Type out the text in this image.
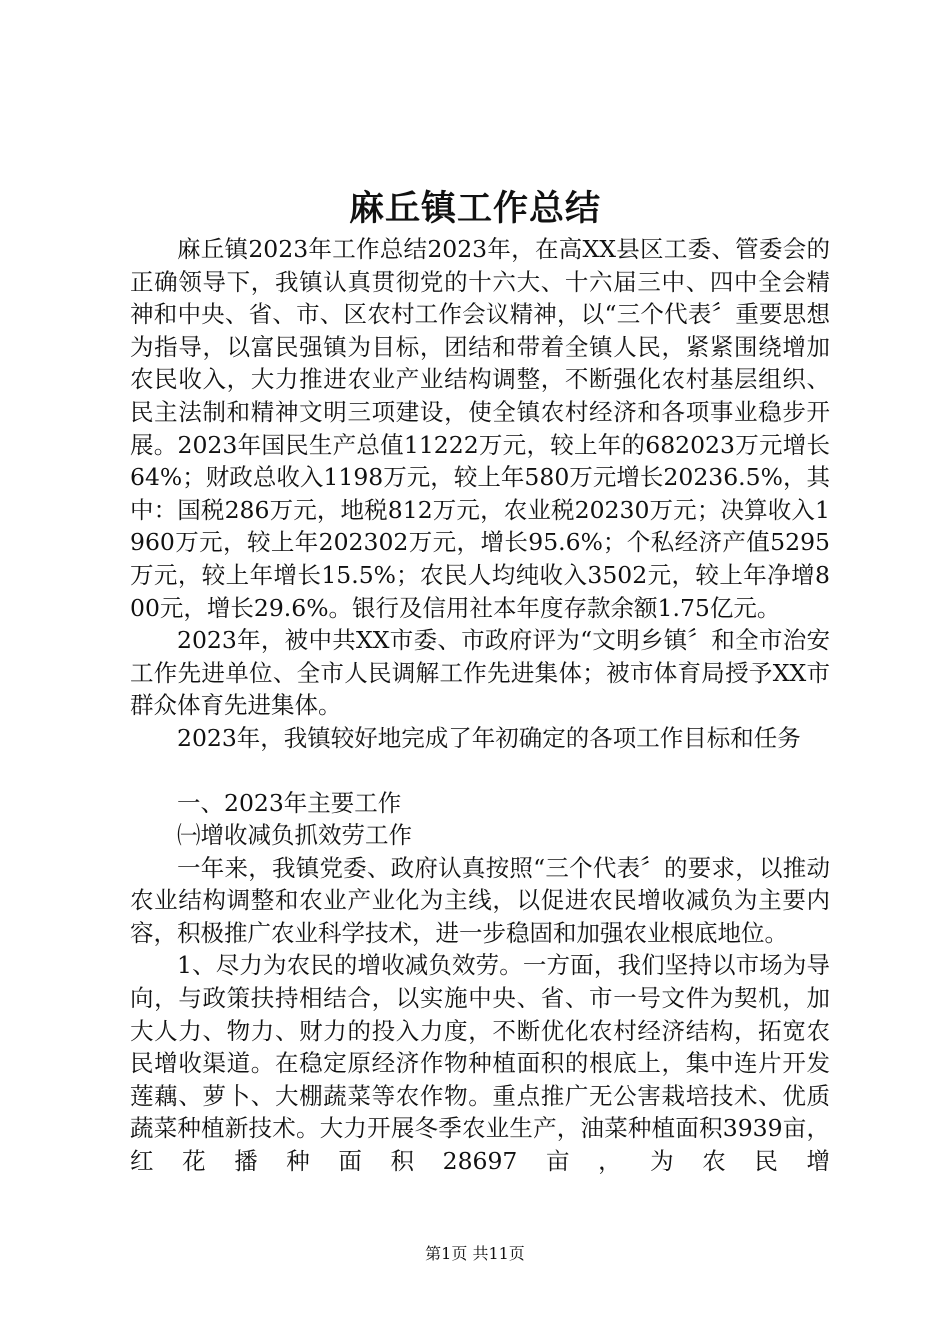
麻丘镇工作总结

麻丘镇2023年工作总结2023年，在高XX县区工委、管委会的正确领导下，我镇认真贯彻党的十六大、十六届三中、四中全会精神和中央、省、市、区农村工作会议精神，以“三个代表〞重要思想为指导，以富民强镇为目标，团结和带着全镇人民，紧紧围绕增加农民收入，大力推进农业产业结构调整，不断强化农村基层组织、民主法制和精神文明三项建设，使全镇农村经济和各项事业稳步开展。2023年国民生产总值11222万元，较上年的682023万元增长64%；财政总收入1198万元，较上年580万元增长20236.5%，其中：国税286万元，地税812万元，农业税20230万元；决算收入1960万元，较上年202302万元，增长95.6%；个私经济产值5295万元，较上年增长15.5%；农民人均纯收入3502元，较上年净增800元，增长29.6%。银行及信用社本年度存款余额1.75亿元。

2023年，被中共XX市委、市政府评为“文明乡镇〞和全市治安工作先进单位、全市人民调解工作先进集体；被市体育局授予XX市群众体育先进集体。

2023年，我镇较好地完成了年初确定的各项工作目标和任务

一、2023年主要工作

㈠增收减负抓效劳工作

一年来，我镇党委、政府认真按照“三个代表〞的要求，以推动农业结构调整和农业产业化为主线，以促进农民增收减负为主要内容，积极推广农业科学技术，进一步稳固和加强农业根底地位。

1、尽力为农民的增收减负效劳。一方面，我们坚持以市场为导向，与政策扶持相结合，以实施中央、省、市一号文件为契机，加大人力、物力、财力的投入力度，不断优化农村经济结构，拓宽农民增收渠道。在稳定原经济作物种植面积的根底上，集中连片开发莲藕、萝卜、大棚蔬菜等农作物。重点推广无公害栽培技术、优质蔬菜种植新技术。大力开展冬季农业生产，油菜种植面积3939亩，红花播种面积28697亩，为农民增

第1页 共11页
